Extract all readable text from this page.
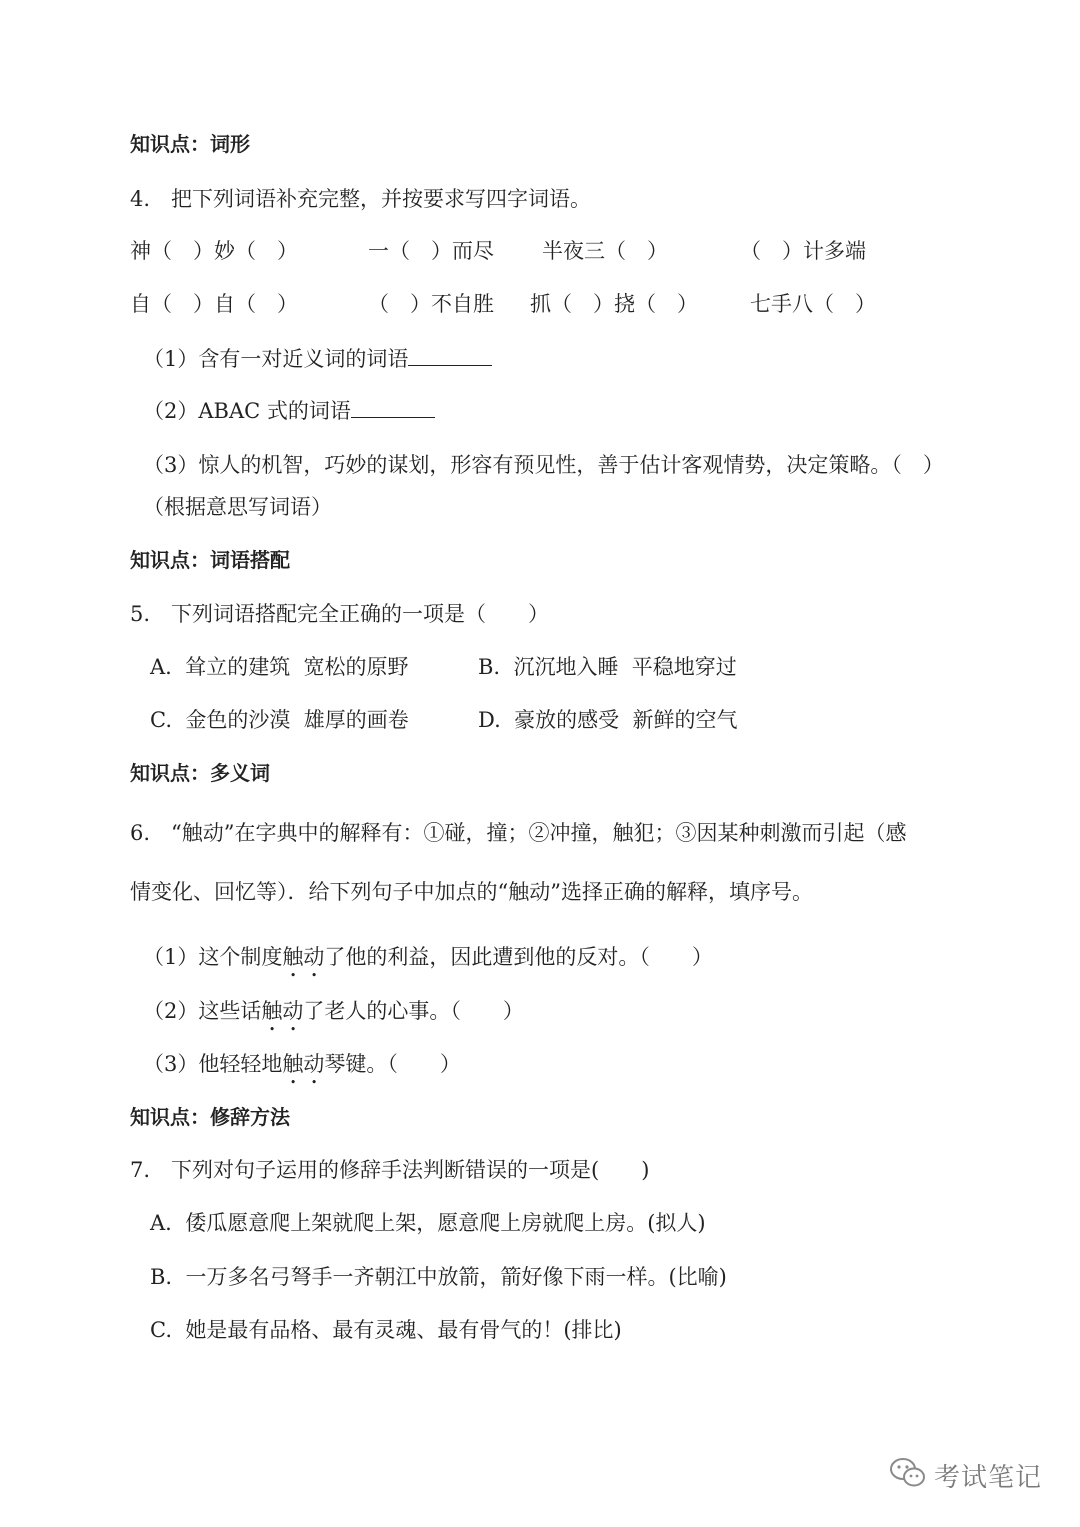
知识点：词形
4.　把下列词语补充完整，并按要求写四字词语。
神（　）妙（　）	一（　）而尽 半夜三（　）	（　）计多端
自（　）自（　）	（　）不自胜 抓（　）挠（　） 七手八（　）
（1）含有一对近义词的词语
（2）ABAC 式的词语
（3）惊人的机智，巧妙的谋划，形容有预见性，善于估计客观情势，决定策略。（　）
（根据意思写词语）
知识点：词语搭配
5.　下列词语搭配完全正确的一项是（　　）
A.  耸立的建筑  宽松的原野	B.  沉沉地入睡  平稳地穿过
C.  金色的沙漠  雄厚的画卷	D.  豪放的感受  新鲜的空气
知识点：多义词
6.　“触动”在字典中的解释有：①碰，撞；②冲撞，触犯；③因某种刺激而引起（感
情变化、回忆等）．给下列句子中加点的“触动”选择正确的解释，填序号。
（1）这个制度触动了他的利益，因此遭到他的反对。（　　）
（2）这些话触动了老人的心事。（　　）
（3）他轻轻地触动琴键。（　　）
知识点：修辞方法
7.　下列对句子运用的修辞手法判断错误的一项是(　　)
A.  倭瓜愿意爬上架就爬上架，愿意爬上房就爬上房。(拟人)
B.  一万多名弓弩手一齐朝江中放箭，箭好像下雨一样。(比喻)
C.  她是最有品格、最有灵魂、最有骨气的！(排比)
考试笔记
